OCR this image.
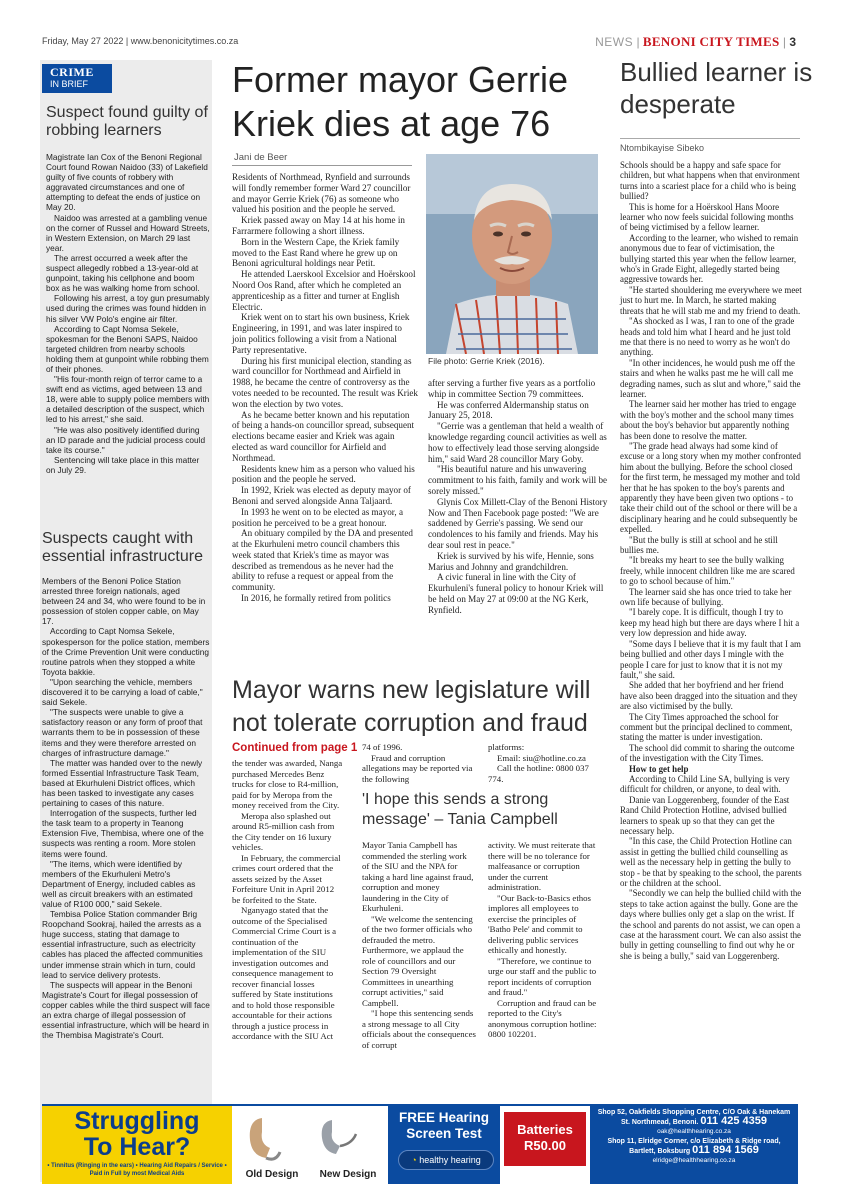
Friday, May 27 2022 | www.benonicitytimes.co.za	NEWS | BENONI CITY TIMES | 3
CRIME
IN BRIEF
Suspect found guilty of robbing learners

Magistrate Ian Cox of the Benoni Regional Court found Rowan Naidoo (33) of Lakefield guilty of five counts of robbery with aggravated circumstances and one of attempting to defeat the ends of justice on May 20.

Naidoo was arrested at a gambling venue on the corner of Russel and Howard Streets, in Western Extension, on March 29 last year.

The arrest occurred a week after the suspect allegedly robbed a 13-year-old at gunpoint, taking his cellphone and boom box as he was walking home from school.

Following his arrest, a toy gun presumably used during the crimes was found hidden in his silver VW Polo's engine air filter.

According to Capt Nomsa Sekele, spokesman for the Benoni SAPS, Naidoo targeted children from nearby schools holding them at gunpoint while robbing them of their phones.

"His four-month reign of terror came to a swift end as victims, aged between 13 and 18, were able to supply police members with a detailed description of the suspect, which led to his arrest," she said.

"He was also positively identified during an ID parade and the judicial process could take its course."

Sentencing will take place in this matter on July 29.

Suspects caught with essential infrastructure

Members of the Benoni Police Station arrested three foreign nationals, aged between 24 and 34, who were found to be in possession of stolen copper cable, on May 17.

According to Capt Nomsa Sekele, spokesperson for the police station, members of the Crime Prevention Unit were conducting routine patrols when they stopped a white Toyota bakkie.

"Upon searching the vehicle, members discovered it to be carrying a load of cable," said Sekele.

"The suspects were unable to give a satisfactory reason or any form of proof that warrants them to be in possession of these items and they were therefore arrested on charges of infrastructure damage."

The matter was handed over to the newly formed Essential Infrastructure Task Team, based at Ekurhuleni District offices, which has been tasked to investigate any cases pertaining to cases of this nature.

Interrogation of the suspects, further led the task team to a property in Teanong Extension Five, Thembisa, where one of the suspects was renting a room. More stolen items were found.

"The items, which were identified by members of the Ekurhuleni Metro's Department of Energy, included cables as well as circuit breakers with an estimated value of R100 000," said Sekele.

Tembisa Police Station commander Brig Roopchand Sookraj, hailed the arrests as a huge success, stating that damage to essential infrastructure, such as electricity cables has placed the affected communities under immense strain which in turn, could lead to service delivery protests.

The suspects will appear in the Benoni Magistrate's Court for illegal possession of copper cables while the third suspect will face an extra charge of illegal possession of essential infrastructure, which will be heard in the Thembisa Magistrate's Court.

Former mayor Gerrie Kriek dies at age 76
Jani de Beer

Residents of Northmead, Rynfield and surrounds will fondly remember former Ward 27 councillor and mayor Gerrie Kriek (76) as someone who valued his position and the people he served.

Kriek passed away on May 14 at his home in Farrarmere following a short illness.

Born in the Western Cape, the Kriek family moved to the East Rand where he grew up on Benoni agricultural holdings near Petit.

He attended Laerskool Excelsior and Hoërskool Noord Oos Rand, after which he completed an apprenticeship as a fitter and turner at English Electric.

Kriek went on to start his own business, Kriek Engineering, in 1991, and was later inspired to join politics following a visit from a National Party representative.

During his first municipal election, standing as ward councillor for Northmead and Airfield in 1988, he became the centre of controversy as the votes needed to be recounted. The result was Kriek won the election by two votes.

As he became better known and his reputation of being a hands-on councillor spread, subsequent elections became easier and Kriek was again elected as ward councillor for Airfield and Northmead.

Residents knew him as a person who valued his position and the people he served.

In 1992, Kriek was elected as deputy mayor of Benoni and served alongside Anna Taljaard.

In 1993 he went on to be elected as mayor, a position he perceived to be a great honour.

An obituary compiled by the DA and presented at the Ekurhuleni metro council chambers this week stated that Kriek's time as mayor was described as tremendous as he never had the ability to refuse a request or appeal from the community.

In 2016, he formally retired from politics

File photo: Gerrie Kriek (2016).

after serving a further five years as a portfolio whip in committee Section 79 committees.

He was conferred Aldermanship status on January 25, 2018.

"Gerrie was a gentleman that held a wealth of knowledge regarding council activities as well as how to effectively lead those serving alongside him," said Ward 28 councillor Mary Goby.

"His beautiful nature and his unwavering commitment to his faith, family and work will be sorely missed."

Glynis Cox Millett-Clay of the Benoni History Now and Then Facebook page posted: "We are saddened by Gerrie's passing. We send our condolences to his family and friends. May his dear soul rest in peace."

Kriek is survived by his wife, Hennie, sons Marius and Johnny and grandchildren.

A civic funeral in line with the City of Ekurhuleni's funeral policy to honour Kriek will be held on May 27 at 09:00 at the NG Kerk, Rynfield.

Bullied learner is desperate
Ntombikayise Sibeko

Schools should be a happy and safe space for children, but what happens when that environment turns into a scariest place for a child who is being bullied?

This is home for a Hoërskool Hans Moore learner who now feels suicidal following months of being victimised by a fellow learner.

According to the learner, who wished to remain anonymous due to fear of victimisation, the bullying started this year when the fellow learner, who's in Grade Eight, allegedly started being aggressive towards her.

"He started shouldering me everywhere we meet just to hurt me. In March, he started making threats that he will stab me and my friend to death.

"As shocked as I was, I ran to one of the grade heads and told him what I heard and he just told me that there is no need to worry as he won't do anything.

"In other incidences, he would push me off the stairs and when he walks past me he will call me degrading names, such as slut and whore," said the learner.

The learner said her mother has tried to engage with the boy's mother and the school many times about the boy's behavior but apparently nothing has been done to resolve the matter.

"The grade head always had some kind of excuse or a long story when my mother confronted him about the bullying. Before the school closed for the first term, he messaged my mother and told her that he has spoken to the boy's parents and apparently they have been given two options - to take their child out of the school or there will be a disciplinary hearing and he could subsequently be expelled.

"But the bully is still at school and he still bullies me.

"It breaks my heart to see the bully walking freely, while innocent children like me are scared to go to school because of him."

The learner said she has once tried to take her own life because of bullying.

"I barely cope. It is difficult, though I try to keep my head high but there are days where I hit a very low depression and hide away.

"Some days I believe that it is my fault that I am being bullied and other days I mingle with the people I care for just to know that it is not my fault," she said.

She added that her boyfriend and her friend have also been dragged into the situation and they are also victimised by the bully.

The City Times approached the school for comment but the principal declined to comment, stating the matter is under investigation.

The school did commit to sharing the outcome of the investigation with the City Times.

How to get help

According to Child Line SA, bullying is very difficult for children, or anyone, to deal with.

Danie van Loggerenberg, founder of the East Rand Child Protection Hotline, advised bullied learners to speak up so that they can get the necessary help.

"In this case, the Child Protection Hotline can assist in getting the bullied child counselling as well as the necessary help in getting the bully to stop - be that by speaking to the school, the parents or the children at the school.

"Secondly we can help the bullied child with the steps to take action against the bully. Gone are the days where bullies only get a slap on the wrist. If the school and parents do not assist, we can open a case at the harassment court. We can also assist the bully in getting counselling to find out why he or she is being a bully," said van Loggerenberg.

Mayor warns new legislature will not tolerate corruption and fraud
Continued from page 1

the tender was awarded, Nanga purchased Mercedes Benz trucks for close to R4-million, paid for by Meropa from the money received from the City.

Meropa also splashed out around R5-million cash from the City tender on 16 luxury vehicles.

In February, the commercial crimes court ordered that the assets seized by the Asset Forfeiture Unit in April 2012 be forfeited to the State.

Nganyago stated that the outcome of the Specialised Commercial Crime Court is a continuation of the implementation of the SIU investigation outcomes and consequence management to recover financial losses suffered by State institutions and to hold those responsible accountable for their actions through a justice process in accordance with the SIU Act

74 of 1996.

Fraud and corruption allegations may be reported via the following

platforms:

Email: siu@hotline.co.za

Call the hotline: 0800 037 774.

'I hope this sends a strong message' – Tania Campbell

Mayor Tania Campbell has commended the sterling work of the SIU and the NPA for taking a hard line against fraud, corruption and money laundering in the City of Ekurhuleni.

"We welcome the sentencing of the two former officials who defrauded the metro. Furthermore, we applaud the role of councillors and our Section 79 Oversight Committees in unearthing corrupt activities," said Campbell.

"I hope this sentencing sends a strong message to all City officials about the consequences of corrupt

activity. We must reiterate that there will be no tolerance for malfeasance or corruption under the current administration.

"Our Back-to-Basics ethos implores all employees to exercise the principles of 'Batho Pele' and commit to delivering public services ethically and honestly.

"Therefore, we continue to urge our staff and the public to report incidents of corruption and fraud."

Corruption and fraud can be reported to the City's anonymous corruption hotline: 0800 102201.

Struggling
To Hear?
• Tinnitus (Ringing in the ears) • Hearing Aid Repairs / Service • Paid in Full by most Medical Aids	Old Design	New Design
FREE Hearing
Screen Test
◔ healthy hearing
Batteries
R50.00
Shop 52, Oakfields Shopping Centre, C/O Oak & Hanekam St. Northmead, Benoni. 011 425 4359
oak@healthhearing.co.za
Shop 11, Elridge Corner, c/o Elizabeth & Ridge road, Bartlett, Boksburg 011 894 1569
elridge@healthhearing.co.za
